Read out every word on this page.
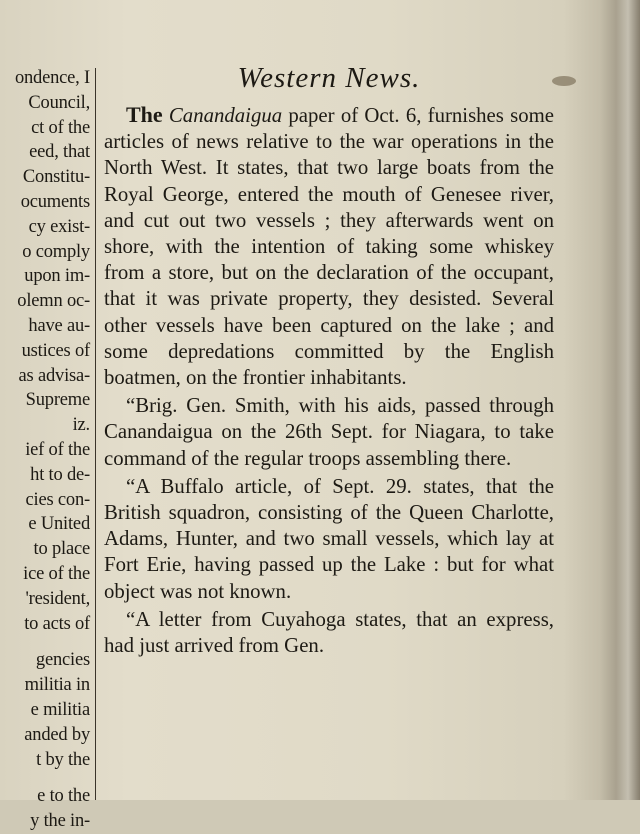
ondence, I
Council,
ct of the
eed, that
Constitu-
ocuments
cy exist-
o comply
upon im-
olemn oc-
have au-
ustices of
as advisa-
Supreme
iz.
ief of the
ht to de-
cies con-
e United
to place
ice of the
'resident,
to acts of
gencies
militia in
e militia
anded by
t by the
e to the
y the in-
Western News.

The Canandaigua paper of Oct. 6, furnishes some articles of news relative to the war operations in the North West. It states, that two large boats from the Royal George, entered the mouth of Genesee river, and cut out two vessels ; they afterwards went on shore, with the intention of taking some whiskey from a store, but on the declaration of the occupant, that it was private property, they desisted. Several other vessels have been captured on the lake ; and some depredations committed by the English boatmen, on the frontier inhabitants.

“Brig. Gen. Smith, with his aids, passed through Canandaigua on the 26th Sept. for Niagara, to take command of the regular troops assembling there.

“A Buffalo article, of Sept. 29. states, that the British squadron, consisting of the Queen Charlotte, Adams, Hunter, and two small vessels, which lay at Fort Erie, having passed up the Lake : but for what object was not known.

“A letter from Cuyahoga states, that an express, had just arrived from Gen.
